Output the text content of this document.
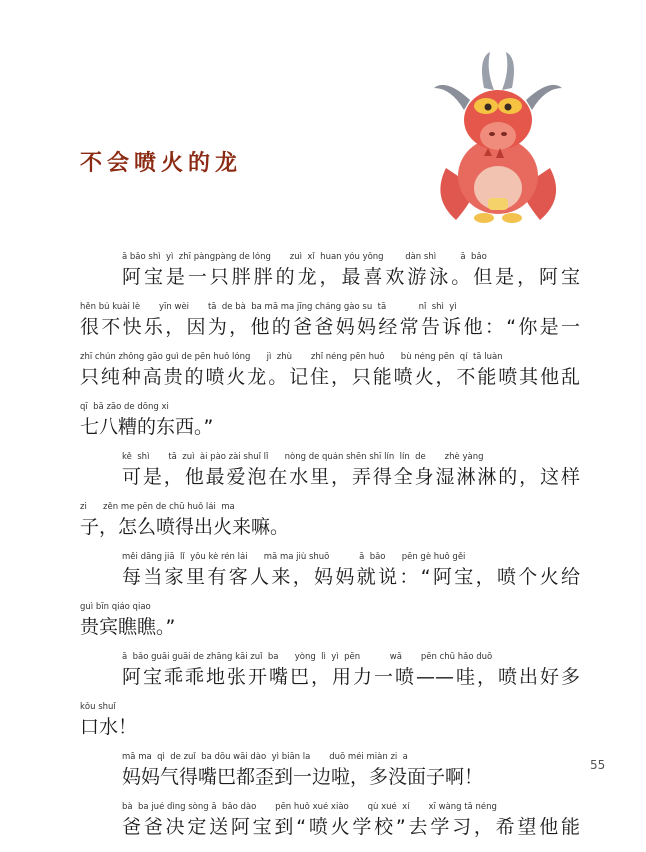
不会喷火的龙
ā bǎo shì  yì  zhī pàngpàng de lóng       zuì  xǐ  huan yóu yǒng        dàn shì         ā  bǎo
阿宝是一只胖胖的龙，最喜欢游泳。但是，阿宝
hěn bú kuài lè       yīn wèi       tā  de bà  ba mā ma jīng cháng gào su  tā            nǐ  shì  yì
很不快乐，因为，他的爸爸妈妈经常告诉他：“你是一
zhī chún zhǒng gāo guì de pēn huǒ lóng      jì  zhù       zhǐ néng pēn huǒ      bù néng pēn  qí  tā luàn
只纯种高贵的喷火龙。记住，只能喷火，不能喷其他乱
qī  bā zāo de dōng xi
七八糟的东西。”
kě  shì       tā  zuì  ài pào zài shuǐ lǐ      nòng de quán shēn shī lín  lín  de       zhè yàng
可是，他最爱泡在水里，弄得全身湿淋淋的，这样
zi      zěn me pēn de chū huǒ lái  ma
子，怎么喷得出火来嘛。
měi dāng jiā  lǐ  yǒu kè rén lái      mā ma jiù shuō           ā  bǎo      pēn gè huǒ gěi
每当家里有客人来，妈妈就说：“阿宝，喷个火给
guì bīn qiáo qiao
贵宾瞧瞧。”
ā  bǎo guāi guāi de zhāng kāi zuǐ  ba      yòng  lì  yì  pēn           wā       pēn chū hǎo duō
阿宝乖乖地张开嘴巴，用力一喷——哇，喷出好多
kǒu shuǐ
口水！
mā ma  qì  de zuǐ  ba dōu wāi dào  yì biān la       duō méi miàn zi  a
妈妈气得嘴巴都歪到一边啦，多没面子啊！
bà  ba jué dìng sòng ā  bǎo dào       pēn huǒ xué xiào       qù xué  xí       xī wàng tā néng
爸爸决定送阿宝到“喷火学校”去学习，希望他能
55
